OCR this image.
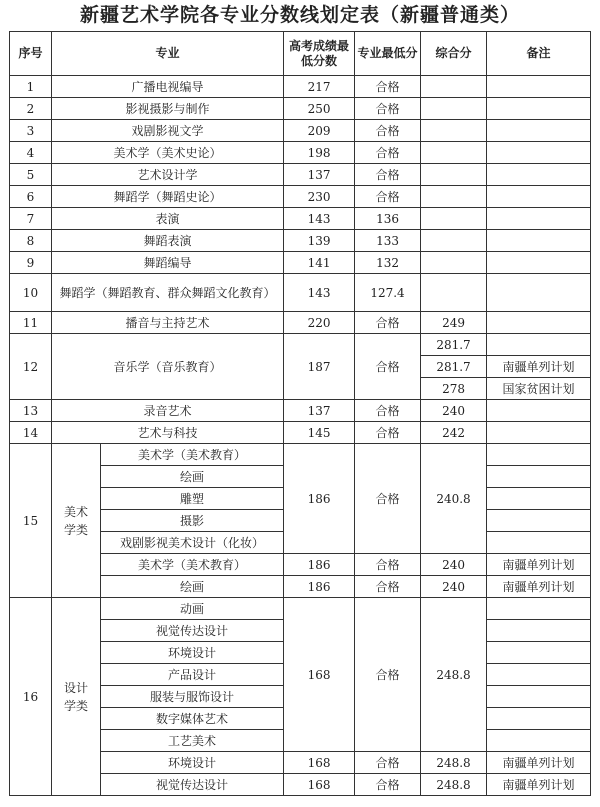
新疆艺术学院各专业分数线划定表（新疆普通类）
序号	专业		高考成绩最低分数	专业最低分	综合分	备注
1	广播电视编导		217	合格		
2	影视摄影与制作		250	合格		
3	戏剧影视文学		209	合格		
4	美术学（美术史论）		198	合格		
5	艺术设计学		137	合格		
6	舞蹈学（舞蹈史论）		230	合格		
7	表演		143	136		
8	舞蹈表演		139	133		
9	舞蹈编导		141	132		
10	舞蹈学（舞蹈教育、群众舞蹈文化教育）		143	127.4		
11	播音与主持艺术		220	合格	249	
12	音乐学（音乐教育）		187	合格	281.7	
					281.7	南疆单列计划
					278	国家贫困计划
13	录音艺术		137	合格	240	
14	艺术与科技		145	合格	242	
15	美术学类	美术学（美术教育）	186	合格	240.8	
		绘画				
		雕塑				
		摄影				
		戏剧影视美术设计（化妆）				
		美术学（美术教育）	186	合格	240	南疆单列计划
		绘画	186	合格	240	南疆单列计划
16	设计学类	动画	168	合格	248.8	
		视觉传达设计				
		环境设计				
		产品设计				
		服装与服饰设计				
		数字媒体艺术				
		工艺美术				
		环境设计	168	合格	248.8	南疆单列计划
		视觉传达设计	168	合格	248.8	南疆单列计划
